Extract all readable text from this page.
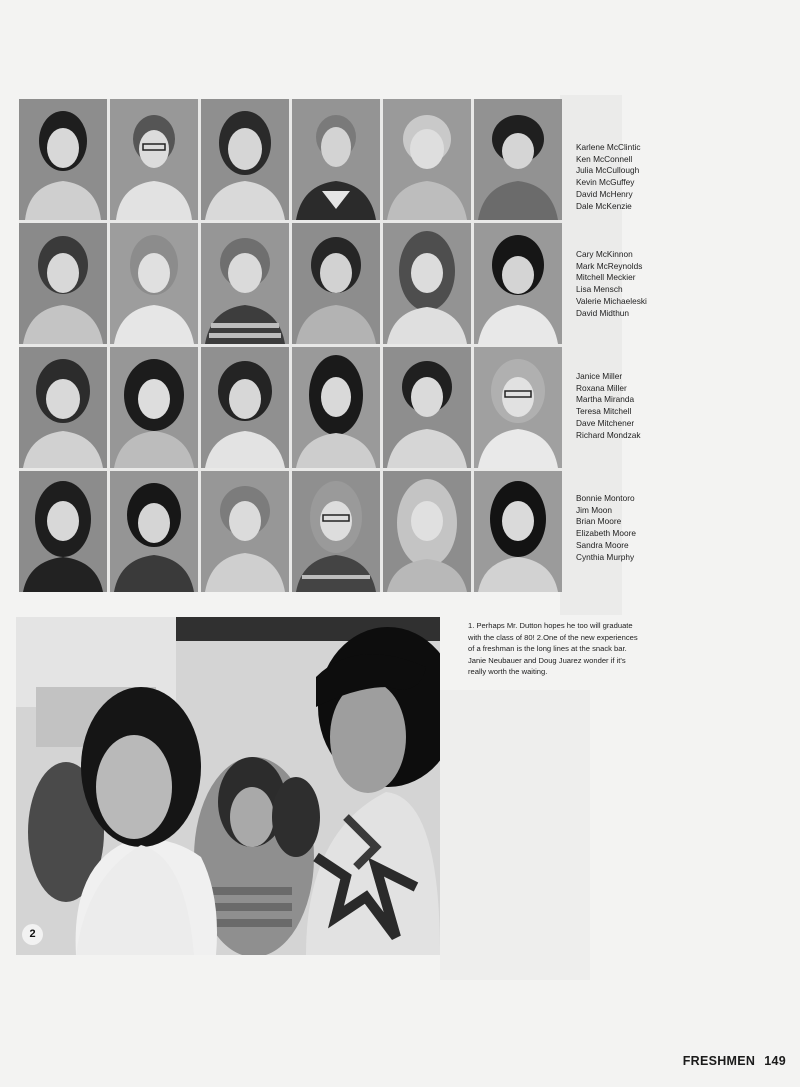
Karlene McClintic
Ken McConnell
Julia McCullough
Kevin McGuffey
David McHenry
Dale McKenzie
Cary McKinnon
Mark McReynolds
Mitchell Meckier
Lisa Mensch
Valerie Michaeleski
David Midthun
Janice Miller
Roxana Miller
Martha Miranda
Teresa Mitchell
Dave Mitchener
Richard Mondzak
Bonnie Montoro
Jim Moon
Brian Moore
Elizabeth Moore
Sandra Moore
Cynthia Murphy

1. Perhaps Mr. Dutton hopes he too will graduate with the class of 80! 2.One of the new experiences of a freshman is the long lines at the snack bar. Janie Neubauer and Doug Juarez wonder if it's really worth the waiting.

2
FRESHMEN 149
